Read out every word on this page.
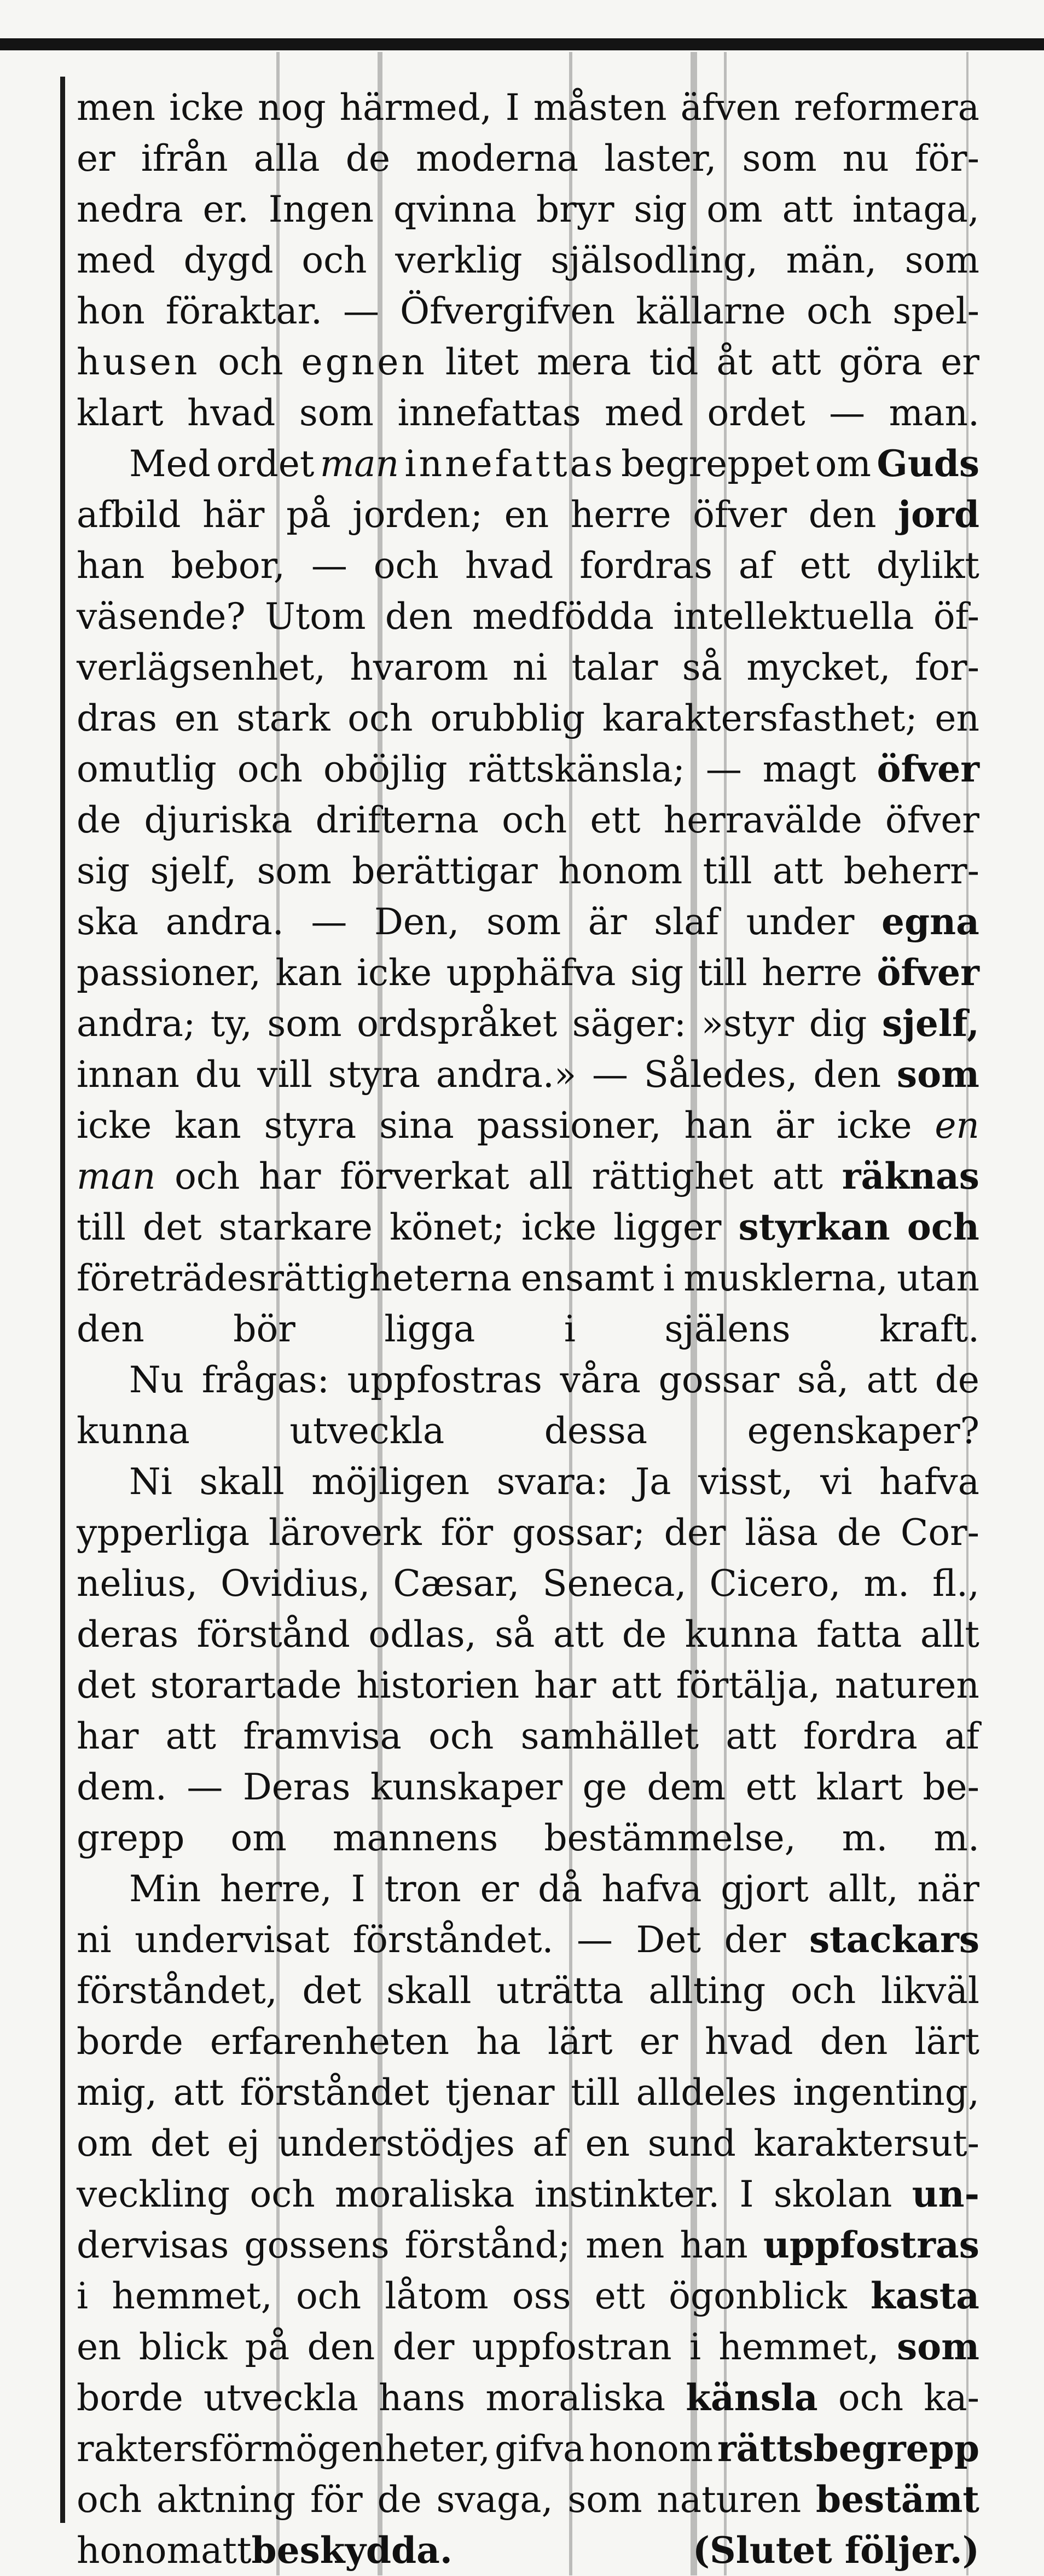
men icke nog härmed, I måsten äfven reformera
er ifrån alla de moderna laster, som nu för-
nedra er. Ingen qvinna bryr sig om att intaga,
med dygd och verklig själsodling, män, som
hon föraktar. — Öfvergifven källarne och spel-
husen och egnen litet mera tid åt att göra er
klart hvad som innefattas med ordet — man.
Med ordet man innefattas begreppet om Guds
afbild här på jorden; en herre öfver den jord
han bebor, — och hvad fordras af ett dylikt
väsende? Utom den medfödda intellektuella öf-
verlägsenhet, hvarom ni talar så mycket, for-
dras en stark och orubblig karaktersfasthet; en
omutlig och oböjlig rättskänsla; — magt öfver
de djuriska drifterna och ett herravälde öfver
sig sjelf, som berättigar honom till att beherr-
ska andra. — Den, som är slaf under egna
passioner, kan icke upphäfva sig till herre öfver
andra; ty, som ordspråket säger: »styr dig sjelf,
innan du vill styra andra.» — Således, den som
icke kan styra sina passioner, han är icke en
man och har förverkat all rättighet att räknas
till det starkare könet; icke ligger styrkan och
företrädesrättigheterna ensamt i musklerna, utan
den bör ligga i själens kraft.
Nu frågas: uppfostras våra gossar så, att de
kunna	utveckla	dessa	egenskaper?
Ni skall möjligen svara: Ja visst, vi hafva
ypperliga läroverk för gossar; der läsa de Cor-
nelius, Ovidius, Cæsar, Seneca, Cicero, m. fl.,
deras förstånd odlas, så att de kunna fatta allt
det storartade historien har att förtälja, naturen
har att framvisa och samhället att fordra af
dem. — Deras kunskaper ge dem ett klart be-
grepp om mannens bestämmelse, m. m.
Min herre, I tron er då hafva gjort allt, när
ni undervisat förståndet. — Det der stackars
förståndet, det skall uträtta allting och likväl
borde erfarenheten ha lärt er hvad den lärt
mig, att förståndet tjenar till alldeles ingenting,
om det ej understödjes af en sund karaktersut-
veckling och moraliska instinkter. I skolan un-
dervisas gossens förstånd; men han uppfostras
i hemmet, och låtom oss ett ögonblick kasta
en blick på den der uppfostran i hemmet, som
borde utveckla hans moraliska känsla och ka-
raktersförmögenheter, gifva honom rättsbegrepp
och aktning för de svaga, som naturen bestämt
honom att beskydda.	(Slutet följer.)
